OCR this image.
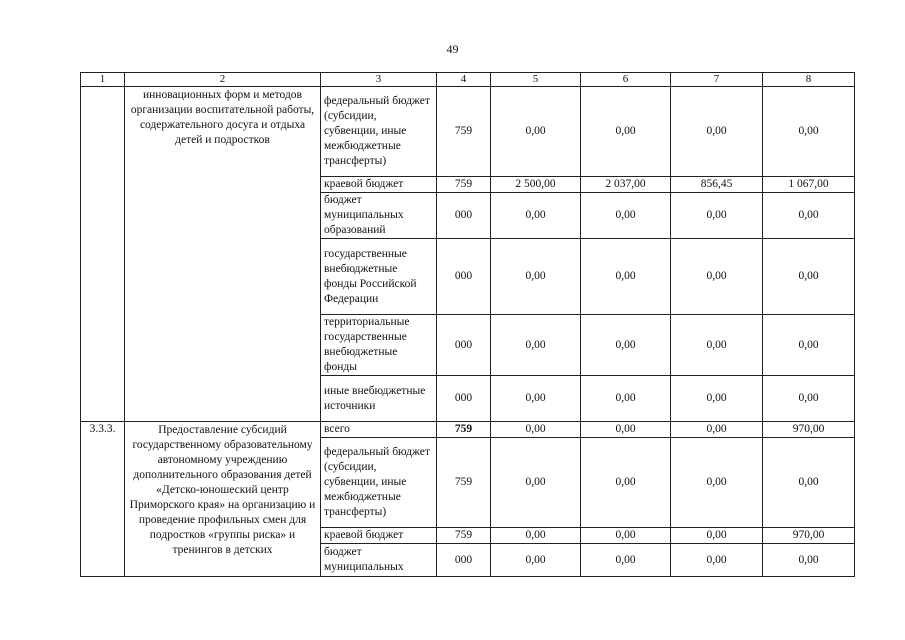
49
1	2	3	4	5	6	7	8

	инновационных форм и методов организации воспитательной работы, содержательного досуга и отдыха детей и подростков	федеральный бюджет (субсидии, субвенции, иные межбюджетные трансферты)	759	0,00	0,00	0,00	0,00
		краевой бюджет	759	2 500,00	2 037,00	856,45	1 067,00
		бюджет муниципальных образований	000	0,00	0,00	0,00	0,00
		государственные внебюджетные фонды Российской Федерации	000	0,00	0,00	0,00	0,00
		территориальные государственные внебюджетные фонды	000	0,00	0,00	0,00	0,00
		иные внебюджетные источники	000	0,00	0,00	0,00	0,00
3.3.3.	Предоставление субсидий государственному образовательному автономному учреждению дополнительного образования детей «Детско-юношеский центр Приморского края» на организацию и проведение профильных смен для подростков «группы риска» и тренингов в детских	всего	759	0,00	0,00	0,00	970,00
		федеральный бюджет (субсидии, субвенции, иные межбюджетные трансферты)	759	0,00	0,00	0,00	0,00
		краевой бюджет	759	0,00	0,00	0,00	970,00
		бюджет муниципальных	000	0,00	0,00	0,00	0,00
